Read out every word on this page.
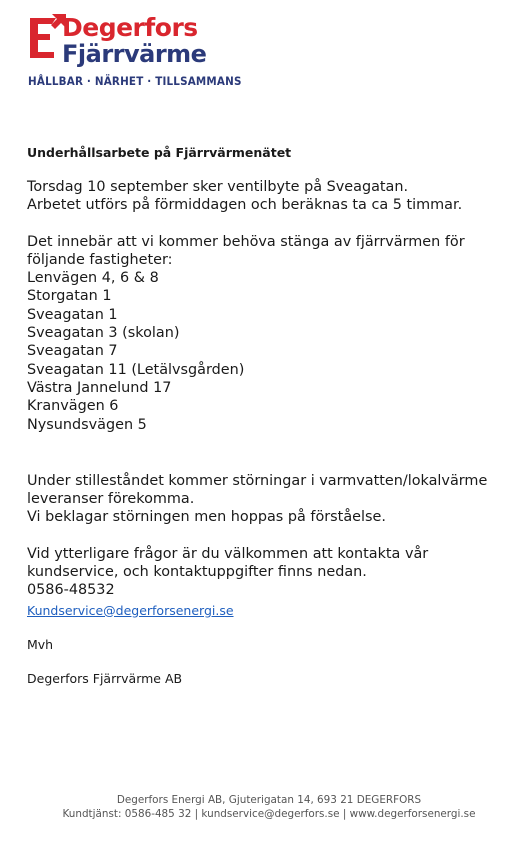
Degerfors
Fjärrvärme
HÅLLBAR · NÄRHET · TILLSAMMANS

Underhållsarbete på Fjärrvärmenätet

Torsdag 10 september sker ventilbyte på Sveagatan.

Arbetet utförs på förmiddagen och beräknas ta ca 5 timmar.

Det innebär att vi kommer behöva stänga av fjärrvärmen för

följande fastigheter:

Lenvägen 4, 6 & 8

Storgatan 1

Sveagatan 1

Sveagatan 3 (skolan)

Sveagatan 7

Sveagatan 11 (Letälvsgården)

Västra Jannelund 17

Kranvägen 6

Nysundsvägen 5

Under stilleståndet kommer störningar i varmvatten/lokalvärme

leveranser förekomma.

Vi beklagar störningen men hoppas på förståelse.

Vid ytterligare frågor är du välkommen att kontakta vår

kundservice, och kontaktuppgifter finns nedan.

0586-48532

Kundservice@degerforsenergi.se

Mvh

Degerfors Fjärrvärme AB

Degerfors Energi AB, Gjuterigatan 14, 693 21 DEGERFORS
Kundtjänst: 0586-485 32 | kundservice@degerfors.se | www.degerforsenergi.se
